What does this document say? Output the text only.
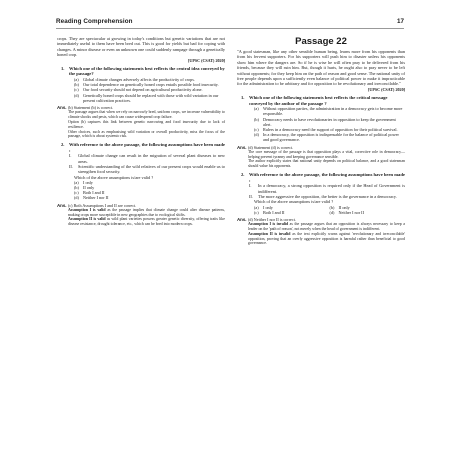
Reading Comprehension	17

crops. They are spectacular at growing in today's conditions but genetic variations that are not immediately useful to them have been bred out. This is good for yields but bad for coping with changes. A minor disease or even an unknown one could suddenly rampage through a genetically honed crop.

[UPSC (CSAT) 2020]

1. Which one of the following statements best reflects the central idea conveyed by the passage?
(a) Global climate changes adversely affects the productivity of crops.
(b) Our total dependence on genetically honed crops entails possible food insecurity.
(c) Our food security should not depend on agricultural productivity alone.
(d) Genetically honed crops should be replaced with those with wild variation in our present cultivation practices.
Ans. (b) Statement (b) is correct.

The passage argues that when we rely on narrowly bred, uniform crops, we increase vulnerability to climate shocks and pests, which can cause widespread crop failure.

Option (b) captures this link between genetic narrowing and food insecurity due to lack of resilience.

Other choices, such as emphasising wild variation or overall productivity, miss the focus of the passage, which is about systemic risk.

2. With reference to the above passage, the following assumptions have been made :
I. Global climate change can result in the migration of several plant diseases to new areas.
II. Scientific understanding of the wild relatives of our present crops would enable us to strengthen food security.

Which of the above assumptions is/are valid ?

(a) I only
(b) II only
(c) Both I and II
(d) Neither I nor II
Ans. (c) Both Assumptions I and II are correct.

Assumption I is valid as the passage implies that climate change could alter disease patterns, making crops more susceptible in new geographies due to ecological shifts.

Assumption II is valid as wild plant varieties possess greater genetic diversity, offering traits like disease resistance, drought tolerance, etc., which can be bred into modern crops.

Passage 22

"A good statesman, like any other sensible human being, learns more from his opponents than from his fervent supporters. For his supporters will push him to disaster unless his opponents show him where the dangers are. So if he is wise he will often pray to be delivered from his friends, because they will ruin him. But, though it hurts, he ought also to pray never to be left without opponents; for they keep him on the path of reason and good sense. The national unity of free people depends upon a sufficiently even balance of political power to make it impracticable for the administration to be arbitrary and for opposition to be revolutionary and irreconcilable."

[UPSC (CSAT) 2020]

1. Which one of the following statements best reflects the critical message conveyed by the author of the passage ?
(a) Without opposition parties, the administration in a democracy gets to become more responsible.
(b) Democracy needs to have revolutionaries in opposition to keep the government alert.
(c) Rulers in a democracy need the support of opposition for their political survival.
(d) In a democracy, the opposition is indispensable for the balance of political power and good governance.
Ans. (d) Statement (d) is correct.

The core message of the passage is that opposition plays a vital, corrective role in democracy—helping prevent tyranny and keeping governance sensible.

The author explicitly states that national unity depends on political balance, and a good statesman should value his opponents.

2. With reference to the above passage, the following assumptions have been made :
I. In a democracy, a strong opposition is required only if the Head of Government is indifferent.
II. The more aggressive the opposition, the better is the governance in a democracy.

Which of the above assumptions is/are valid ?

(a) I only	(b) II only
(c) Both I and II	(d) Neither I nor II
Ans. (d) Neither I nor II is correct.

Assumption I is invalid as the passage argues that an opposition is always necessary to keep a leader on the 'path of reason', not merely when the head of government is indifferent.

Assumption II is invalid as the text explicitly warns against 'revolutionary and irreconcilable' opposition, proving that an overly aggressive opposition is harmful rather than beneficial to good governance.
